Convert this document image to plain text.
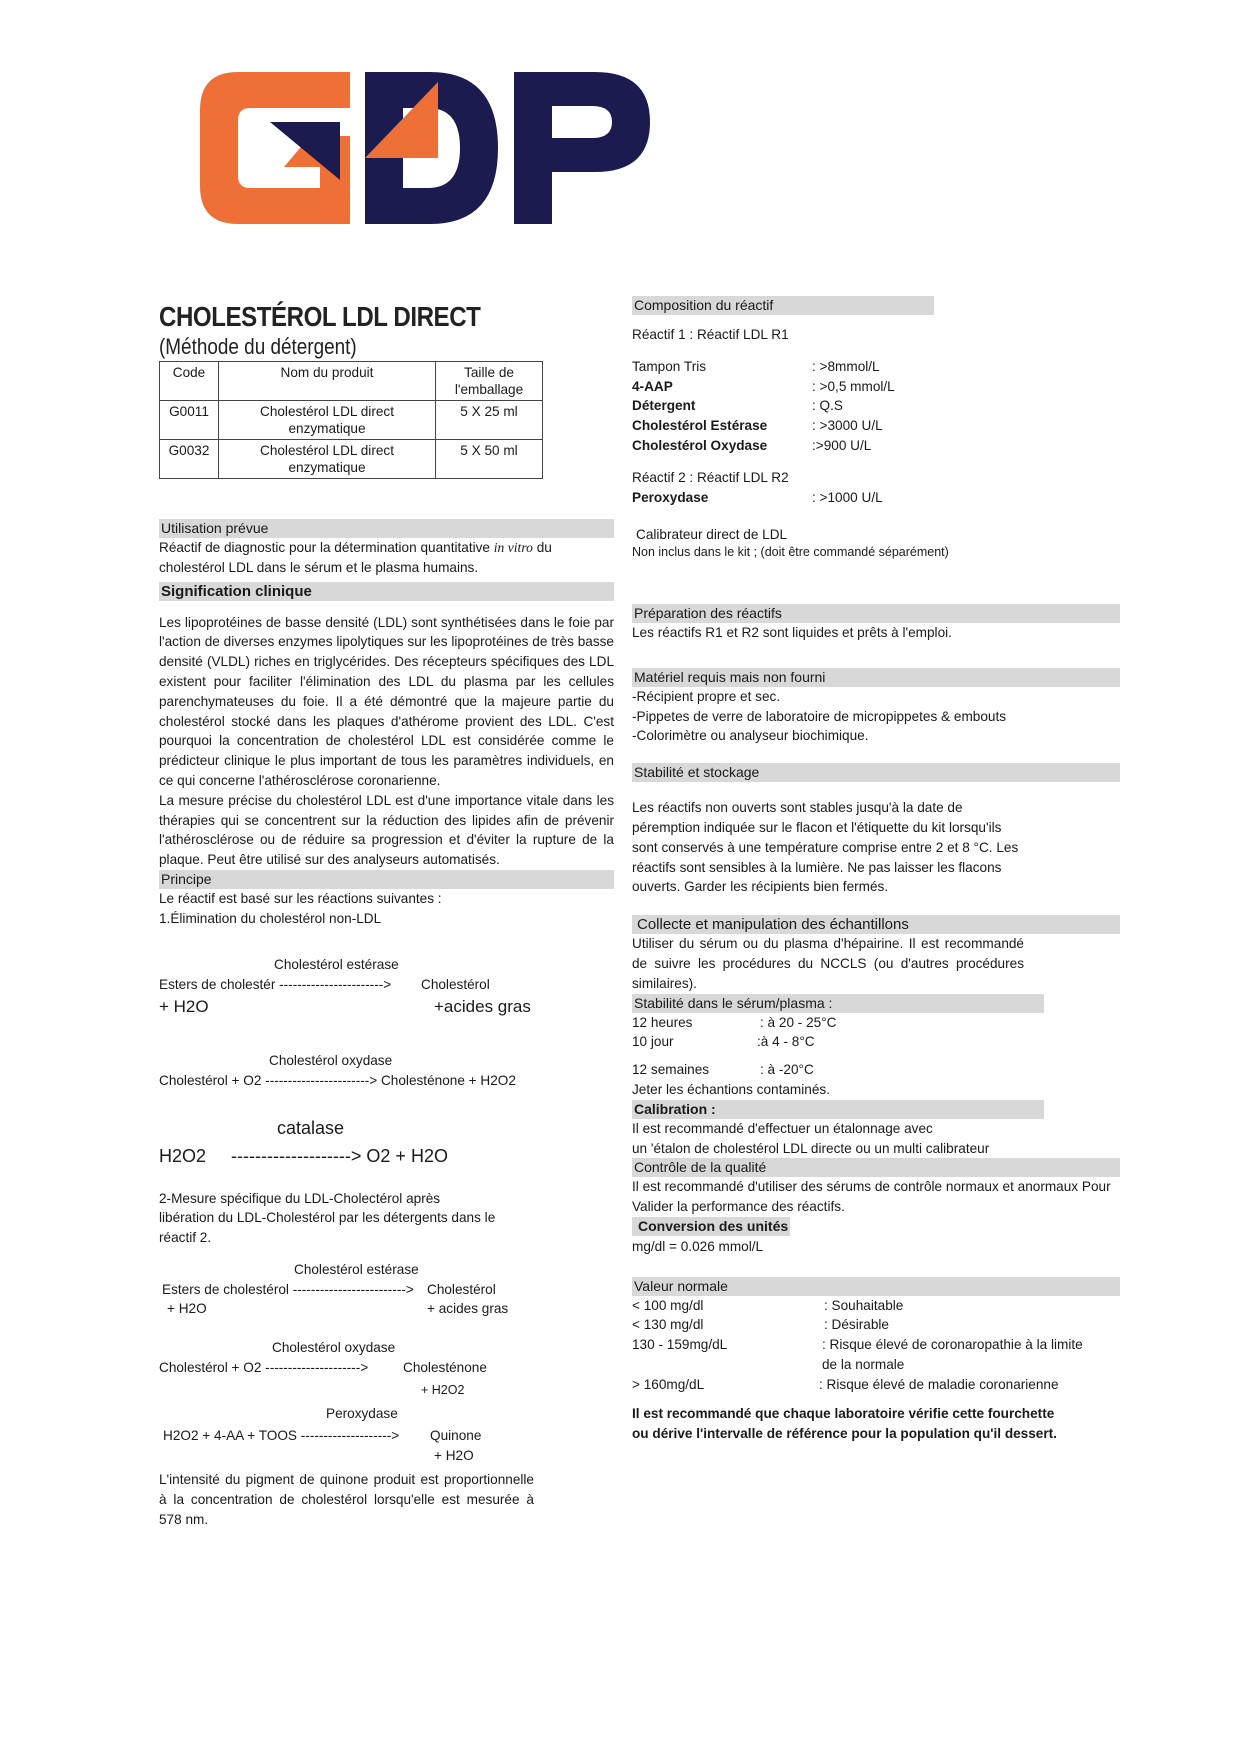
CHOLESTÉROL LDL DIRECT
(Méthode du détergent)
Code	Nom du produit	Taille de l'emballage
G0011	Cholestérol LDL direct enzymatique	5 X 25 ml
G0032	Cholestérol LDL direct enzymatique	5 X 50 ml
Utilisation prévue

Réactif de diagnostic pour la détermination quantitative in vitro du cholestérol LDL dans le sérum et le plasma humains.

Signification clinique

Les lipoprotéines de basse densité (LDL) sont synthétisées dans le foie par l'action de diverses enzymes lipolytiques sur les lipoprotéines de très basse densité (VLDL) riches en triglycérides. Des récepteurs spécifiques des LDL existent pour faciliter l'élimination des LDL du plasma par les cellules parenchymateuses du foie. Il a été démontré que la majeure partie du cholestérol stocké dans les plaques d'athérome provient des LDL. C'est pourquoi la concentration de cholestérol LDL est considérée comme le prédicteur clinique le plus important de tous les paramètres individuels, en ce qui concerne l'athérosclérose coronarienne.

La mesure précise du cholestérol LDL est d'une importance vitale dans les thérapies qui se concentrent sur la réduction des lipides afin de prévenir l'athérosclérose ou de réduire sa progression et d'éviter la rupture de la plaque. Peut être utilisé sur des analyseurs automatisés.

Principe

Le réactif est basé sur les réactions suivantes :

1.Élimination du cholestérol non-LDL

Cholestérol estérase
Esters de cholestér -----------------------> Cholestérol
+ H2O	+acides gras
Cholestérol oxydase
Cholestérol + O2 -----------------------> Cholesténone + H2O2
catalase
H2O2     --------------------> O2 + H2O

2-Mesure spécifique du LDL-Cholectérol après libération du LDL-Cholestérol par les détergents dans le réactif 2.

Cholestérol estérase
Esters de cholestérol -------------------------> Cholestérol
+ H2O	+ acides gras
Cholestérol oxydase
Cholestérol + O2 --------------------->	Cholesténone
+ H2O2
Peroxydase
H2O2 + 4-AA + TOOS --------------------> Quinone
+ H2O

L'intensité du pigment de quinone produit est proportionnelle à la concentration de cholestérol lorsqu'elle est mesurée à 578 nm.

Composition du réactif

Réactif 1 : Réactif LDL R1

Tampon Tris	: >8mmol/L
4-AAP	: >0,5 mmol/L
Détergent	: Q.S
Cholestérol Estérase	: >3000 U/L
Cholestérol Oxydase	:>900 U/L

Réactif 2 : Réactif LDL R2

Peroxydase	: >1000 U/L

Calibrateur direct de LDL

Non inclus dans le kit ; (doit être commandé séparément)

Préparation des réactifs

Les réactifs R1 et R2 sont liquides et prêts à l'emploi.

Matériel requis mais non fourni

-Récipient propre et sec.

-Pippetes de verre de laboratoire de micropippetes & embouts

-Colorimètre ou analyseur biochimique.

Stabilité et stockage

Les réactifs non ouverts sont stables jusqu'à la date de péremption indiquée sur le flacon et l'étiquette du kit lorsqu'ils sont conservés à une température comprise entre 2 et 8 °C. Les réactifs sont sensibles à la lumière. Ne pas laisser les flacons ouverts. Garder les récipients bien fermés.

Collecte et manipulation des échantillons

Utiliser du sérum ou du plasma d'hépairine. Il est recommandé de suivre les procédures du NCCLS (ou d'autres procédures similaires).

Stabilité dans le sérum/plasma :
12 heures	: à 20 - 25°C
10 jour	:à 4 - 8°C
12 semaines	: à -20°C

Jeter les échantions contaminés.

Calibration :

Il est recommandé d'effectuer un étalonnage avec

un 'étalon de cholestérol LDL directe ou un multi calibrateur

Contrôle de la qualité

Il est recommandé d'utiliser des sérums de contrôle normaux et anormaux Pour Valider la performance des réactifs.

Conversion des unités

mg/dl = 0.026 mmol/L

Valeur normale
< 100 mg/dl	: Souhaitable
< 130 mg/dl	: Désirable
130 - 159mg/dL	: Risque élevé de coronaropathie à la limite de la normale
> 160mg/dL	: Risque élevé de maladie coronarienne

Il est recommandé que chaque laboratoire vérifie cette fourchette ou dérive l'intervalle de référence pour la population qu'il dessert.
